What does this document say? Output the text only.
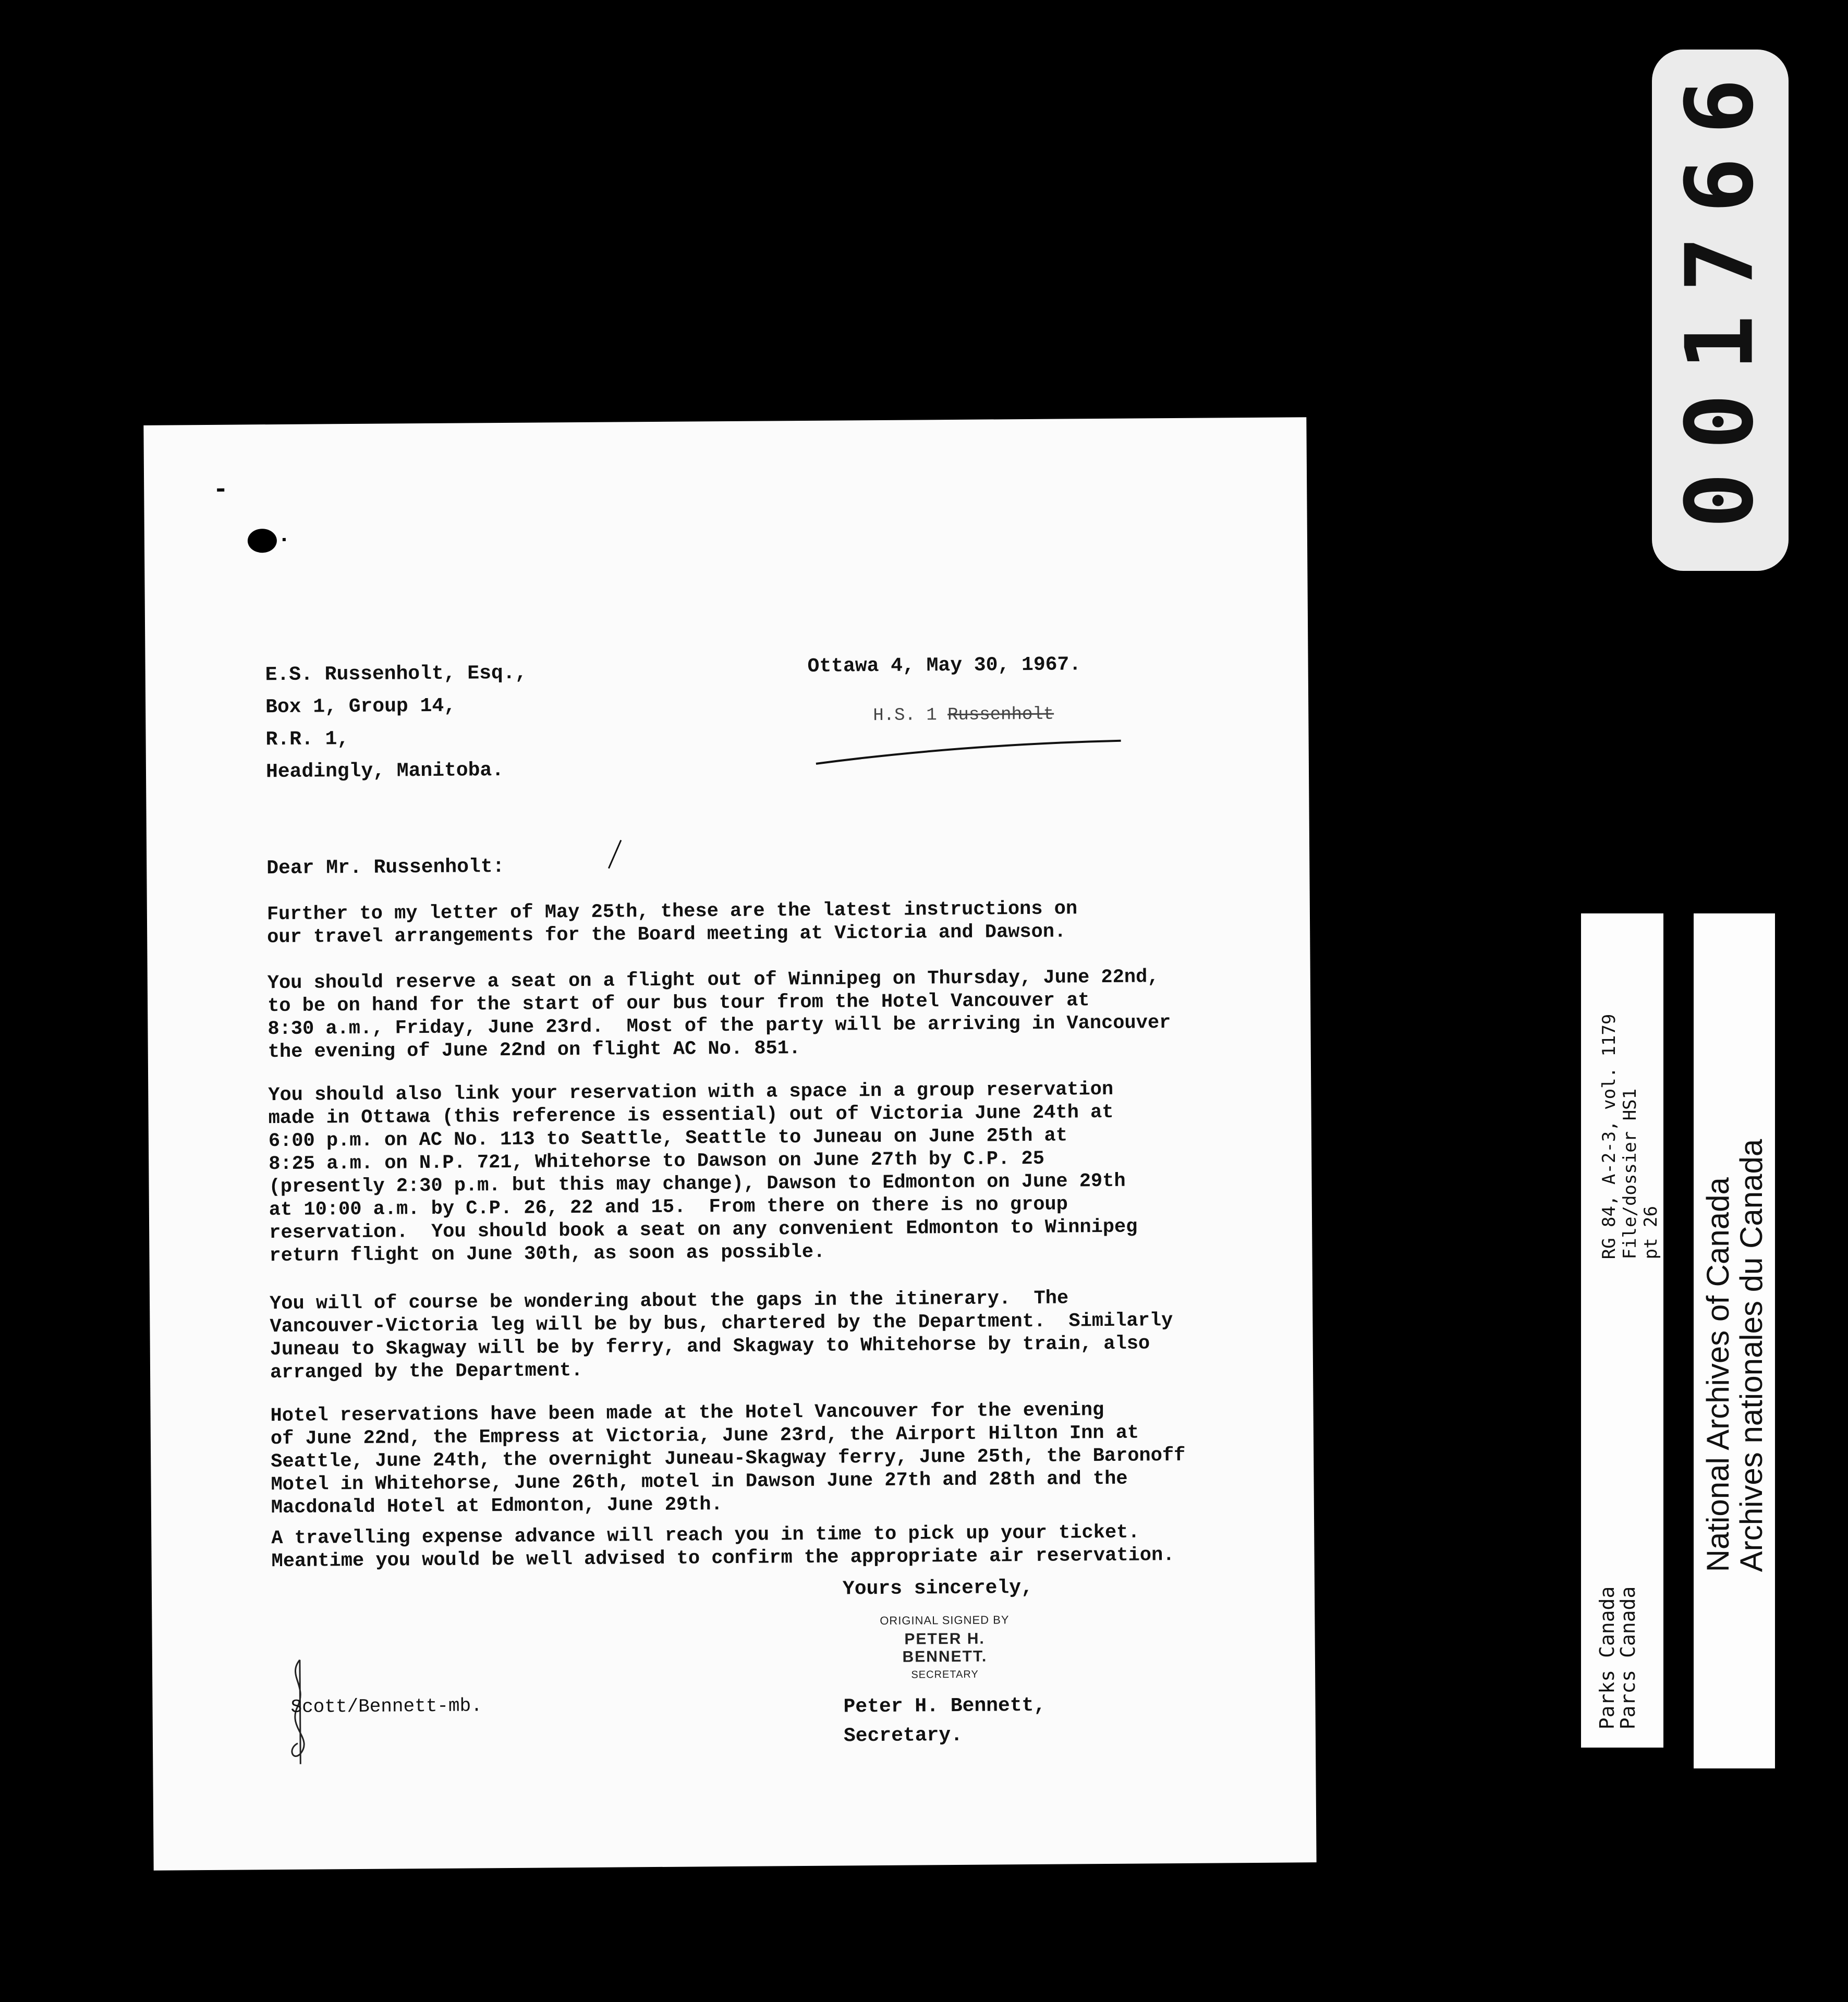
E.S. Russenholt, Esq.,
Box 1, Group 14,
R.R. 1,
Headingly, Manitoba.
Ottawa 4, May 30, 1967.
H.S. 1 Russenholt
Dear Mr. Russenholt:
Further to my letter of May 25th, these are the latest instructions on
our travel arrangements for the Board meeting at Victoria and Dawson.
You should reserve a seat on a flight out of Winnipeg on Thursday, June 22nd,
to be on hand for the start of our bus tour from the Hotel Vancouver at
8:30 a.m., Friday, June 23rd.  Most of the party will be arriving in Vancouver
the evening of June 22nd on flight AC No. 851.
You should also link your reservation with a space in a group reservation
made in Ottawa (this reference is essential) out of Victoria June 24th at
6:00 p.m. on AC No. 113 to Seattle, Seattle to Juneau on June 25th at
8:25 a.m. on N.P. 721, Whitehorse to Dawson on June 27th by C.P. 25
(presently 2:30 p.m. but this may change), Dawson to Edmonton on June 29th
at 10:00 a.m. by C.P. 26, 22 and 15.  From there on there is no group
reservation.  You should book a seat on any convenient Edmonton to Winnipeg
return flight on June 30th, as soon as possible.
You will of course be wondering about the gaps in the itinerary.  The
Vancouver-Victoria leg will be by bus, chartered by the Department.  Similarly
Juneau to Skagway will be by ferry, and Skagway to Whitehorse by train, also
arranged by the Department.
Hotel reservations have been made at the Hotel Vancouver for the evening
of June 22nd, the Empress at Victoria, June 23rd, the Airport Hilton Inn at
Seattle, June 24th, the overnight Juneau-Skagway ferry, June 25th, the Baronoff
Motel in Whitehorse, June 26th, motel in Dawson June 27th and 28th and the
Macdonald Hotel at Edmonton, June 29th.
A travelling expense advance will reach you in time to pick up your ticket.
Meantime you would be well advised to confirm the appropriate air reservation.
Yours sincerely,
ORIGINAL SIGNED BY
PETER H. BENNETT.
SECRETARY
Scott/Bennett-mb.	Peter H. Bennett,
Secretary.
001766
RG 84, A-2-3, vol. 1179 File/dossier HS1 pt 26
Parks Canada
Parcs Canada
National Archives of Canada
Archives nationales du Canada
